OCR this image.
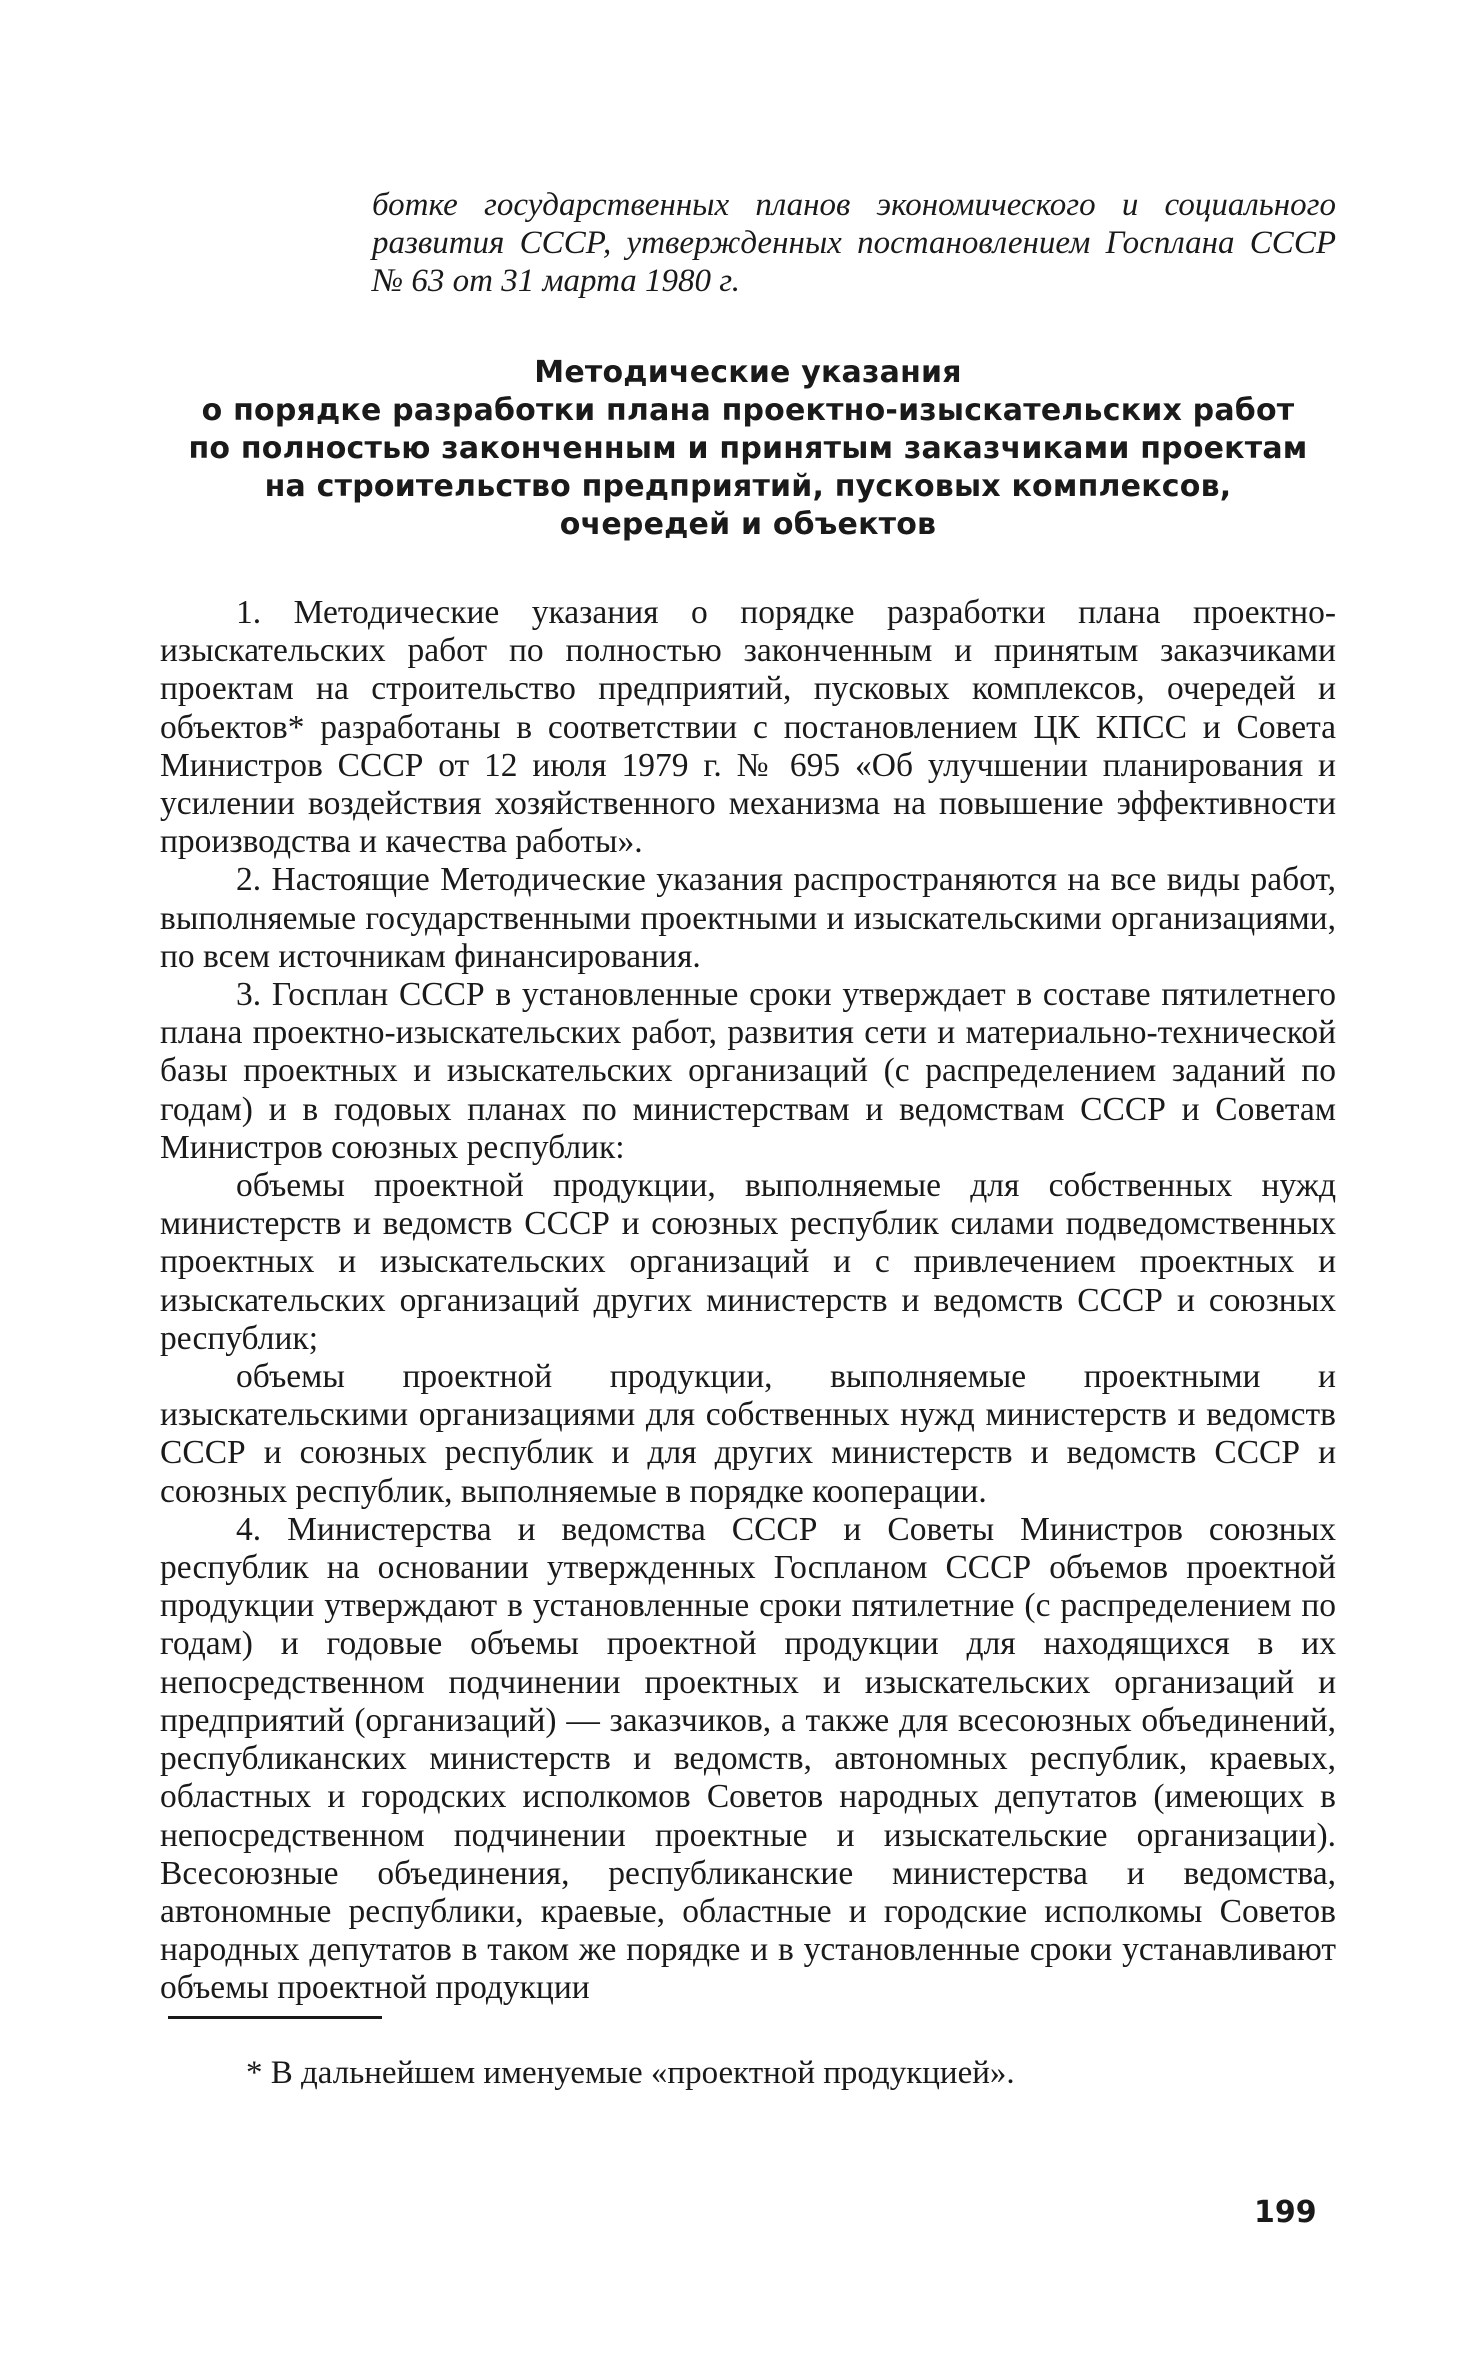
ботке государственных планов экономического и социального развития СССР, утвержденных постановлением Госплана СССР № 63 от 31 марта 1980 г.

Методические указания
о порядке разработки плана проектно-изыскательских работ
по полностью законченным и принятым заказчиками проектам
на строительство предприятий, пусковых комплексов,
очередей и объектов

1. Методические указания о порядке разработки плана проектно-изыскательских работ по полностью законченным и принятым заказчиками проектам на строительство предприятий, пусковых комплексов, очередей и объектов* разработаны в соответствии с постановлением ЦК КПСС и Совета Министров СССР от 12 июля 1979 г. № 695 «Об улучшении планирования и усилении воздействия хозяйственного механизма на повышение эффективности производства и качества работы».

2. Настоящие Методические указания распространяются на все виды работ, выполняемые государственными проектными и изыскательскими организациями, по всем источникам финансирования.

3. Госплан СССР в установленные сроки утверждает в составе пятилетнего плана проектно-изыскательских работ, развития сети и материально-технической базы проектных и изыскательских организаций (с распределением заданий по годам) и в годовых планах по министерствам и ведомствам СССР и Советам Министров союзных республик:

объемы проектной продукции, выполняемые для собственных нужд министерств и ведомств СССР и союзных республик силами подведомственных проектных и изыскательских организаций и с привлечением проектных и изыскательских организаций других министерств и ведомств СССР и союзных республик;

объемы проектной продукции, выполняемые проектными и изыскательскими организациями для собственных нужд министерств и ведомств СССР и союзных республик и для других министерств и ведомств СССР и союзных республик, выполняемые в порядке кооперации.

4. Министерства и ведомства СССР и Советы Министров союзных республик на основании утвержденных Госпланом СССР объемов проектной продукции утверждают в установленные сроки пятилетние (с распределением по годам) и годовые объемы проектной продукции для находящихся в их непосредственном подчинении проектных и изыскательских организаций и предприятий (организаций) — заказчиков, а также для всесоюзных объединений, республиканских министерств и ведомств, автономных республик, краевых, областных и городских исполкомов Советов народных депутатов (имеющих в непосредственном подчинении проектные и изыскательские организации). Всесоюзные объединения, республиканские министерства и ведомства, автономные республики, краевые, областные и городские исполкомы Советов народных депутатов в таком же порядке и в установленные сроки устанавливают объемы проектной продукции

* В дальнейшем именуемые «проектной продукцией».
199
